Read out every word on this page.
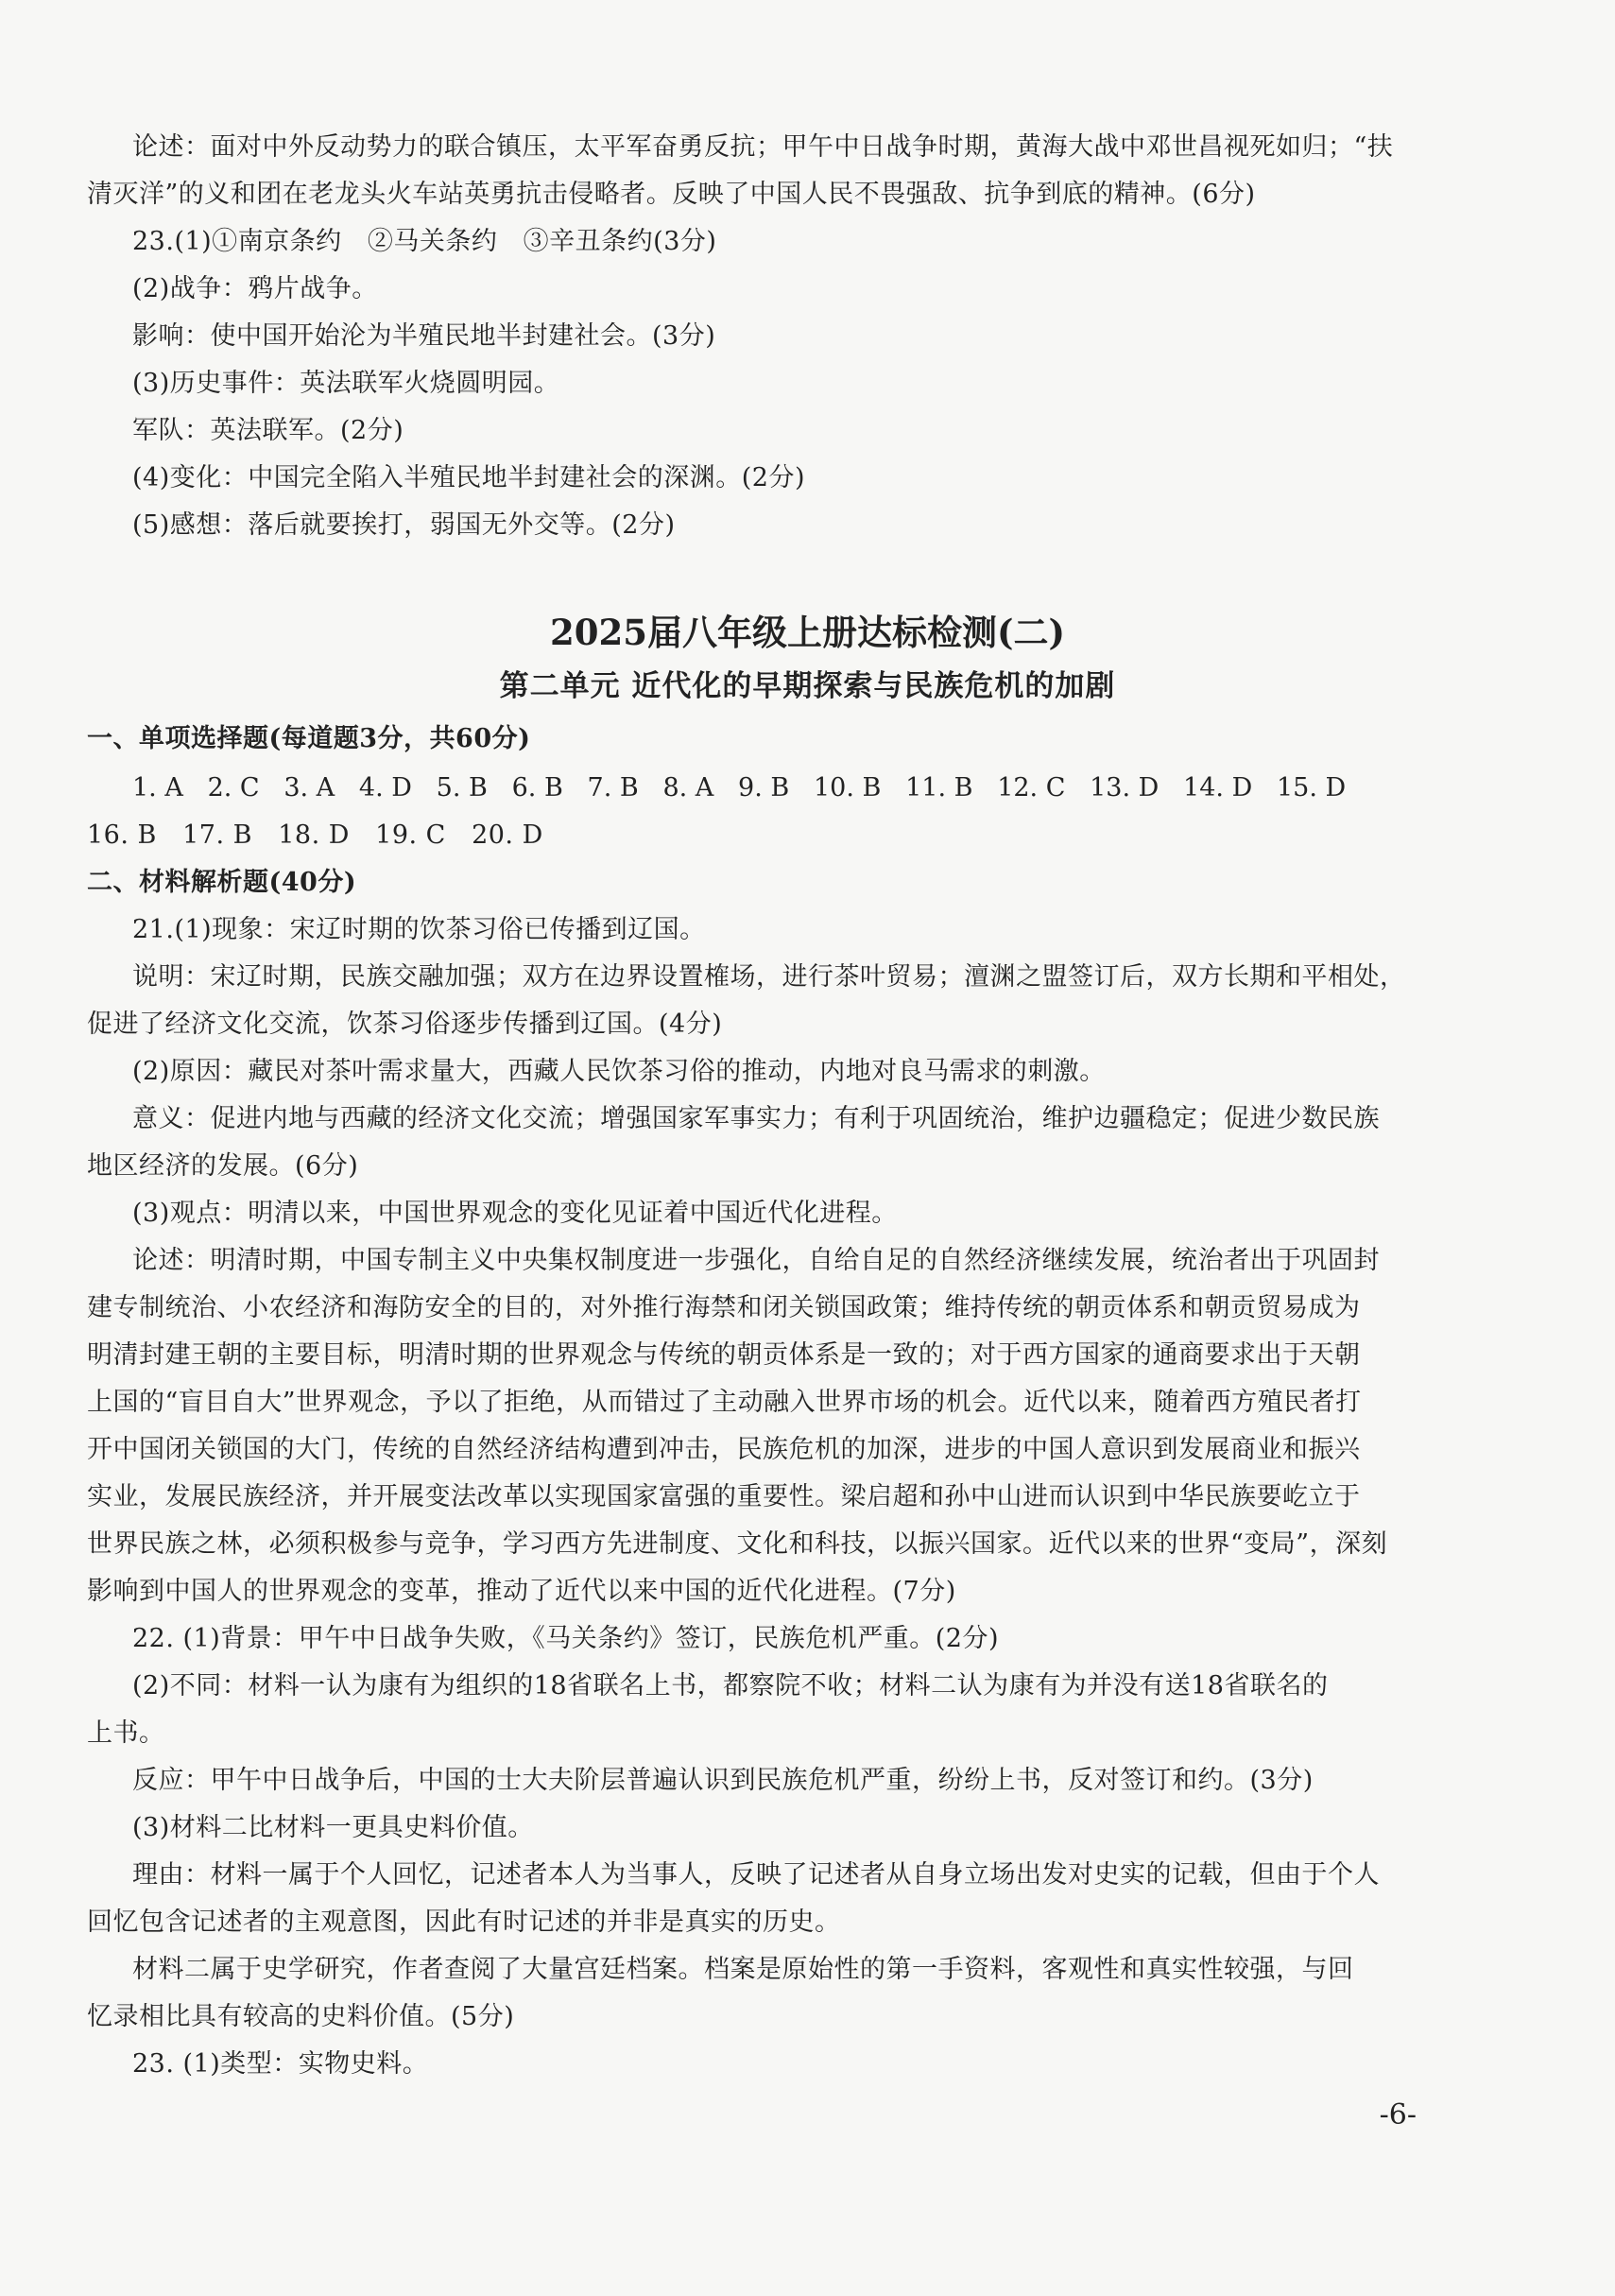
论述：面对中外反动势力的联合镇压，太平军奋勇反抗；甲午中日战争时期，黄海大战中邓世昌视死如归；“扶
清灭洋”的义和团在老龙头火车站英勇抗击侵略者。反映了中国人民不畏强敌、抗争到底的精神。(6分)
23.(1)①南京条约   ②马关条约   ③辛丑条约(3分)
(2)战争：鸦片战争。
影响：使中国开始沦为半殖民地半封建社会。(3分)
(3)历史事件：英法联军火烧圆明园。
军队：英法联军。(2分)
(4)变化：中国完全陷入半殖民地半封建社会的深渊。(2分)
(5)感想：落后就要挨打，弱国无外交等。(2分)
2025届八年级上册达标检测(二)
第二单元 近代化的早期探索与民族危机的加剧
一、单项选择题(每道题3分，共60分)
1. A   2. C   3. A   4. D   5. B   6. B   7. B   8. A   9. B   10. B   11. B   12. C   13. D   14. D   15. D
16. B   17. B   18. D   19. C   20. D
二、材料解析题(40分)
21.(1)现象：宋辽时期的饮茶习俗已传播到辽国。
说明：宋辽时期，民族交融加强；双方在边界设置榷场，进行茶叶贸易；澶渊之盟签订后，双方长期和平相处，
促进了经济文化交流，饮茶习俗逐步传播到辽国。(4分)
(2)原因：藏民对茶叶需求量大，西藏人民饮茶习俗的推动，内地对良马需求的刺激。
意义：促进内地与西藏的经济文化交流；增强国家军事实力；有利于巩固统治，维护边疆稳定；促进少数民族
地区经济的发展。(6分)
(3)观点：明清以来，中国世界观念的变化见证着中国近代化进程。
论述：明清时期，中国专制主义中央集权制度进一步强化，自给自足的自然经济继续发展，统治者出于巩固封
建专制统治、小农经济和海防安全的目的，对外推行海禁和闭关锁国政策；维持传统的朝贡体系和朝贡贸易成为
明清封建王朝的主要目标，明清时期的世界观念与传统的朝贡体系是一致的；对于西方国家的通商要求出于天朝
上国的“盲目自大”世界观念，予以了拒绝，从而错过了主动融入世界市场的机会。近代以来，随着西方殖民者打
开中国闭关锁国的大门，传统的自然经济结构遭到冲击，民族危机的加深，进步的中国人意识到发展商业和振兴
实业，发展民族经济，并开展变法改革以实现国家富强的重要性。梁启超和孙中山进而认识到中华民族要屹立于
世界民族之林，必须积极参与竞争，学习西方先进制度、文化和科技，以振兴国家。近代以来的世界“变局”，深刻
影响到中国人的世界观念的变革，推动了近代以来中国的近代化进程。(7分)
22. (1)背景：甲午中日战争失败，《马关条约》签订，民族危机严重。(2分)
(2)不同：材料一认为康有为组织的18省联名上书，都察院不收；材料二认为康有为并没有送18省联名的
上书。
反应：甲午中日战争后，中国的士大夫阶层普遍认识到民族危机严重，纷纷上书，反对签订和约。(3分)
(3)材料二比材料一更具史料价值。
理由：材料一属于个人回忆，记述者本人为当事人，反映了记述者从自身立场出发对史实的记载，但由于个人
回忆包含记述者的主观意图，因此有时记述的并非是真实的历史。
材料二属于史学研究，作者查阅了大量宫廷档案。档案是原始性的第一手资料，客观性和真实性较强，与回
忆录相比具有较高的史料价值。(5分)
23. (1)类型：实物史料。
-6-
